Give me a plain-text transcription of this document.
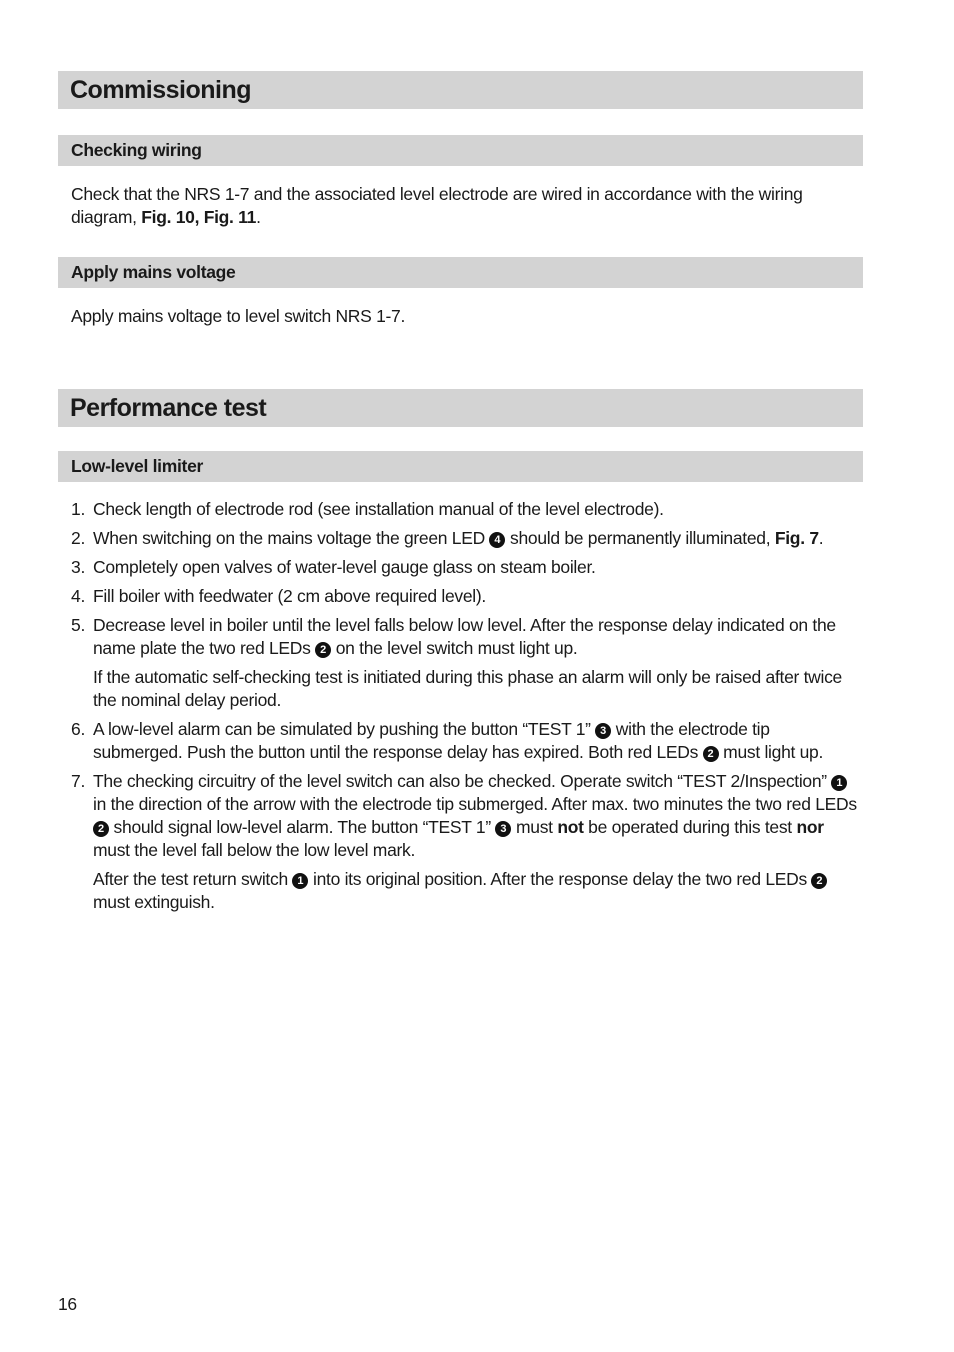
Commissioning
Checking wiring

Check that the NRS 1-7 and the associated level electrode are wired in accordance with the wiring diagram, Fig. 10, Fig. 11.

Apply mains voltage

Apply mains voltage to level switch NRS 1-7.

Performance test
Low-level limiter

Check length of electrode rod (see installation manual of the level electrode).

When switching on the mains voltage the green LED 4 should be permanently illuminated, Fig. 7.

Completely open valves of water-level gauge glass on steam boiler.

Fill boiler with feedwater (2 cm above required level).

Decrease level in boiler until the level falls below low level. After the response delay indicated on the name plate the two red LEDs 2 on the level switch must light up.

If the automatic self-checking test is initiated during this phase an alarm will only be raised after twice the nominal delay period.

A low-level alarm can be simulated by pushing the button “TEST 1” 3 with the electrode tip submerged. Push the button until the response delay has expired. Both red LEDs 2 must light up.

The checking circuitry of the level switch can also be checked. Operate switch “TEST 2/Inspection” 1 in the direction of the arrow with the electrode tip submerged. After max. two minutes the two red LEDs 2 should signal low-level alarm. The button “TEST 1” 3 must not be operated during this test nor must the level fall below the low level mark.

After the test return switch 1 into its original position. After the response delay the two red LEDs 2 must extinguish.

16
